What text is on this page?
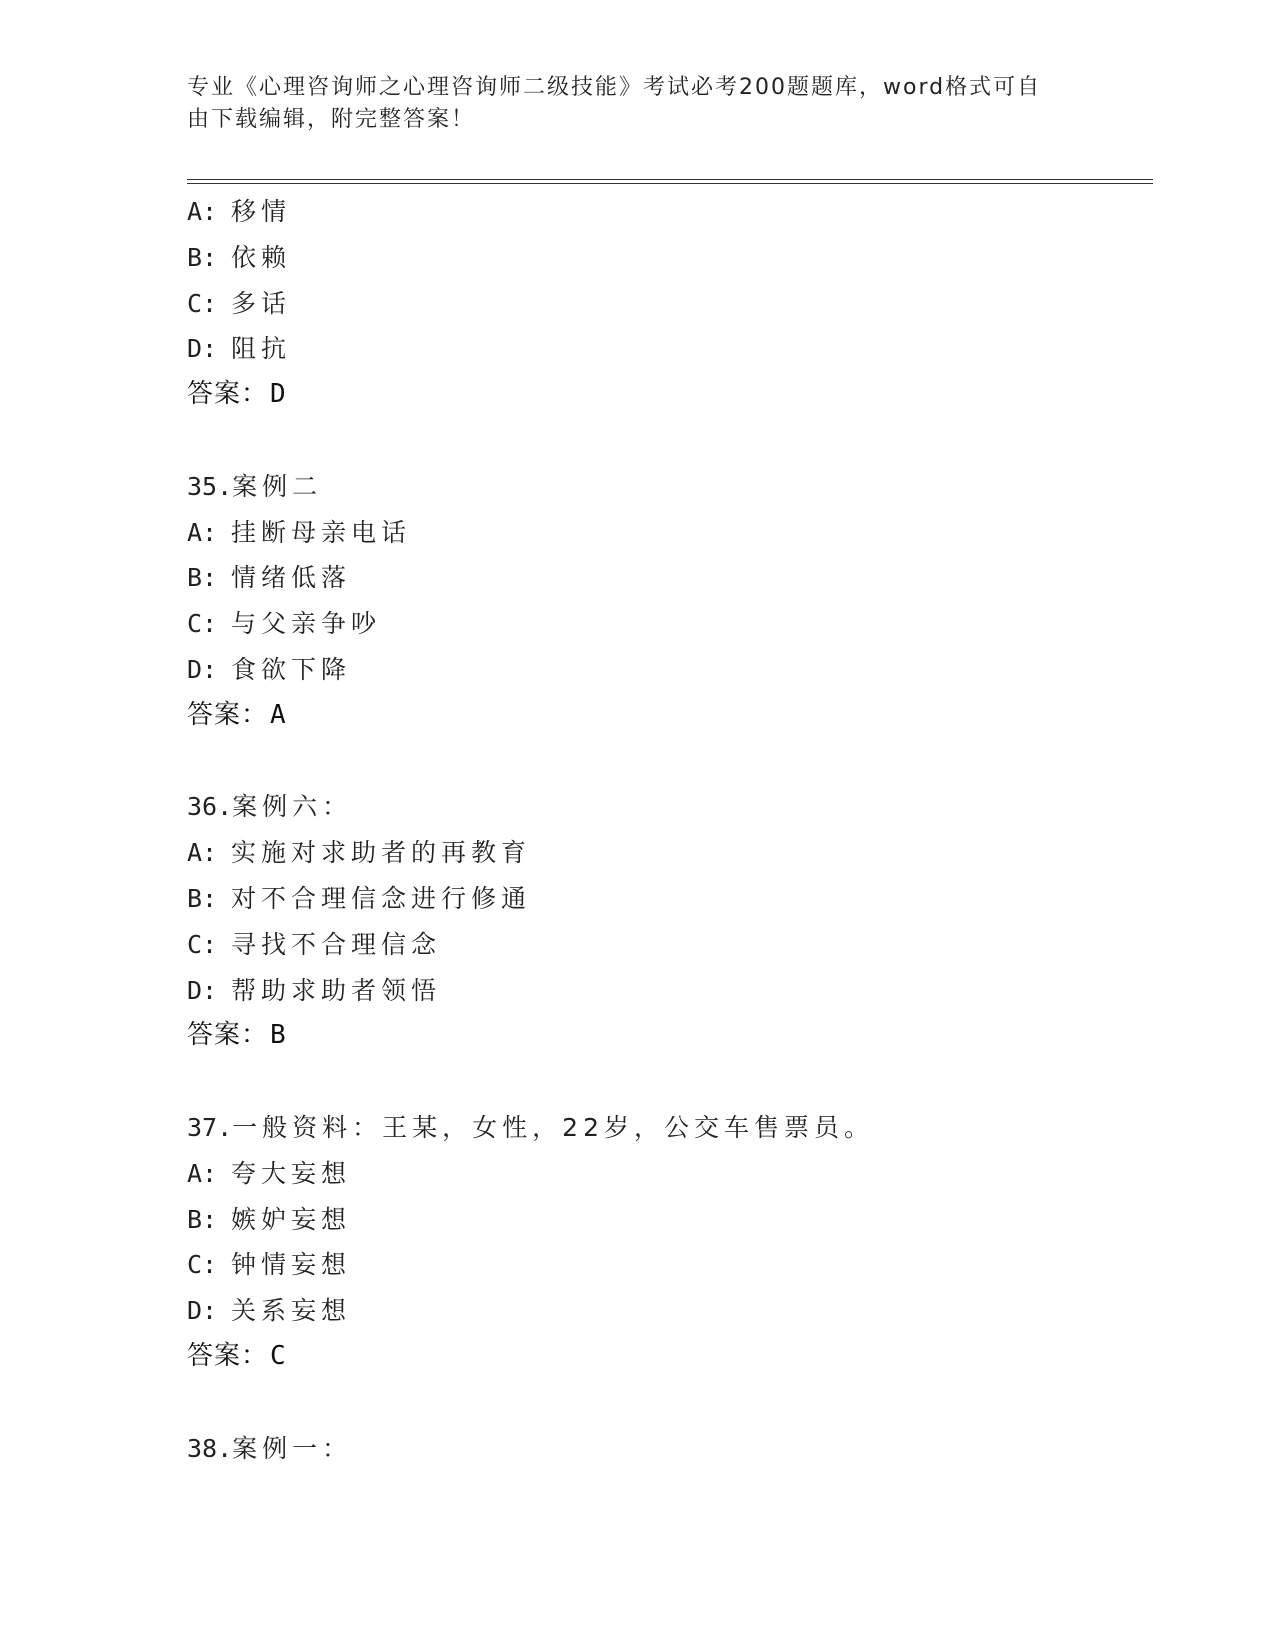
专业《心理咨询师之心理咨询师二级技能》考试必考200题题库，word格式可自
由下载编辑，附完整答案！
A: 移情
B: 依赖
C: 多话
D: 阻抗
答案：D
35.案例二
A: 挂断母亲电话
B: 情绪低落
C: 与父亲争吵
D: 食欲下降
答案：A
36.案例六：
A: 实施对求助者的再教育
B: 对不合理信念进行修通
C: 寻找不合理信念
D: 帮助求助者领悟
答案：B
37.一般资料：王某，女性，22岁，公交车售票员。
A: 夸大妄想
B: 嫉妒妄想
C: 钟情妄想
D: 关系妄想
答案：C
38.案例一：
